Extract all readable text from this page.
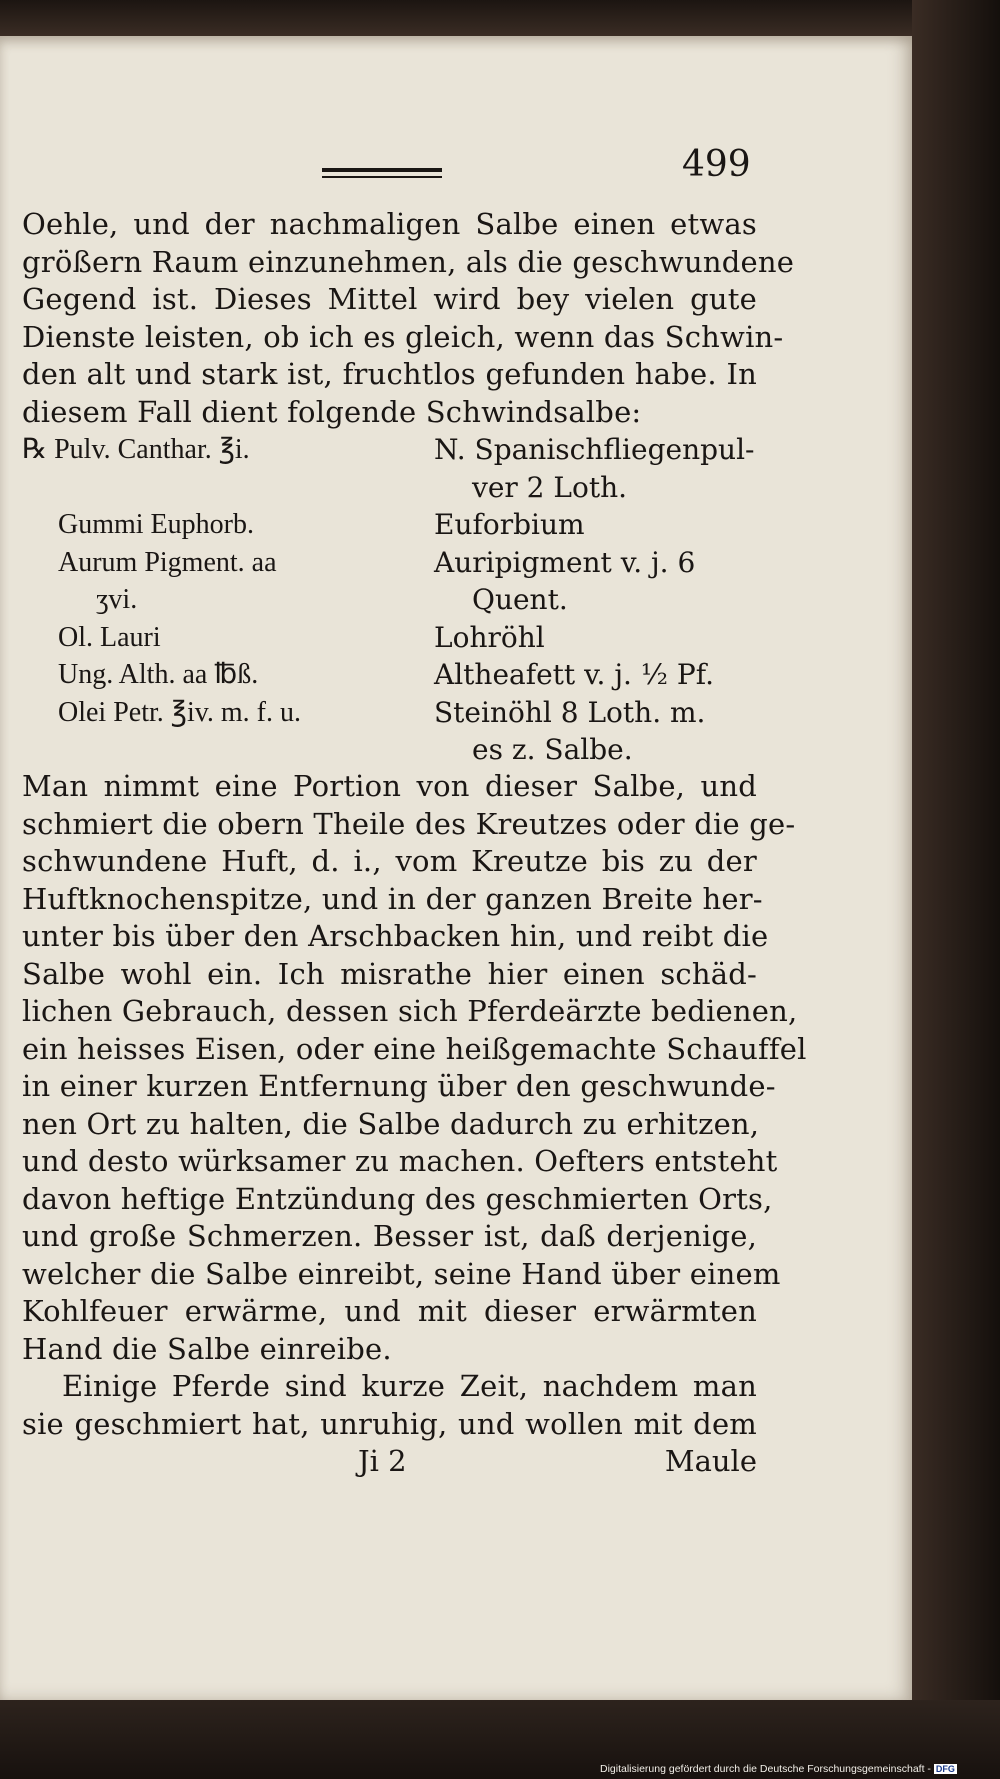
499
Oehle, und der nachmaligen Salbe einen etwas
größern Raum einzunehmen, als die geschwundene
Gegend ist. Dieses Mittel wird bey vielen gute
Dienste leisten, ob ich es gleich, wenn das Schwin-
den alt und stark ist, fruchtlos gefunden habe. In
diesem Fall dient folgende Schwindsalbe:
℞ Pulv. Canthar. ℥i.
Gummi Euphorb.
Aurum Pigment. aa
ʒvi.
Ol. Lauri
Ung. Alth. aa ℔ß.
Olei Petr. ℥iv. m. f. u.
N. Spanischfliegenpul-
ver 2 Loth.
Euforbium
Auripigment v. j. 6
Quent.
Lohröhl
Altheafett v. j. ½ Pf.
Steinöhl 8 Loth. m.
es z. Salbe.
Man nimmt eine Portion von dieser Salbe, und
schmiert die obern Theile des Kreutzes oder die ge-
schwundene Huft, d. i., vom Kreutze bis zu der
Huftknochenspitze, und in der ganzen Breite her-
unter bis über den Arschbacken hin, und reibt die
Salbe wohl ein. Ich misrathe hier einen schäd-
lichen Gebrauch, dessen sich Pferdeärzte bedienen,
ein heisses Eisen, oder eine heißgemachte Schauffel
in einer kurzen Entfernung über den geschwunde-
nen Ort zu halten, die Salbe dadurch zu erhitzen,
und desto würksamer zu machen. Oefters entsteht
davon heftige Entzündung des geschmierten Orts,
und große Schmerzen. Besser ist, daß derjenige,
welcher die Salbe einreibt, seine Hand über einem
Kohlfeuer erwärme, und mit dieser erwärmten
Hand die Salbe einreibe.
Einige Pferde sind kurze Zeit, nachdem man
sie geschmiert hat, unruhig, und wollen mit dem
Ji 2	Maule
Digitalisierung gefördert durch die Deutsche Forschungsgemeinschaft - DFG
